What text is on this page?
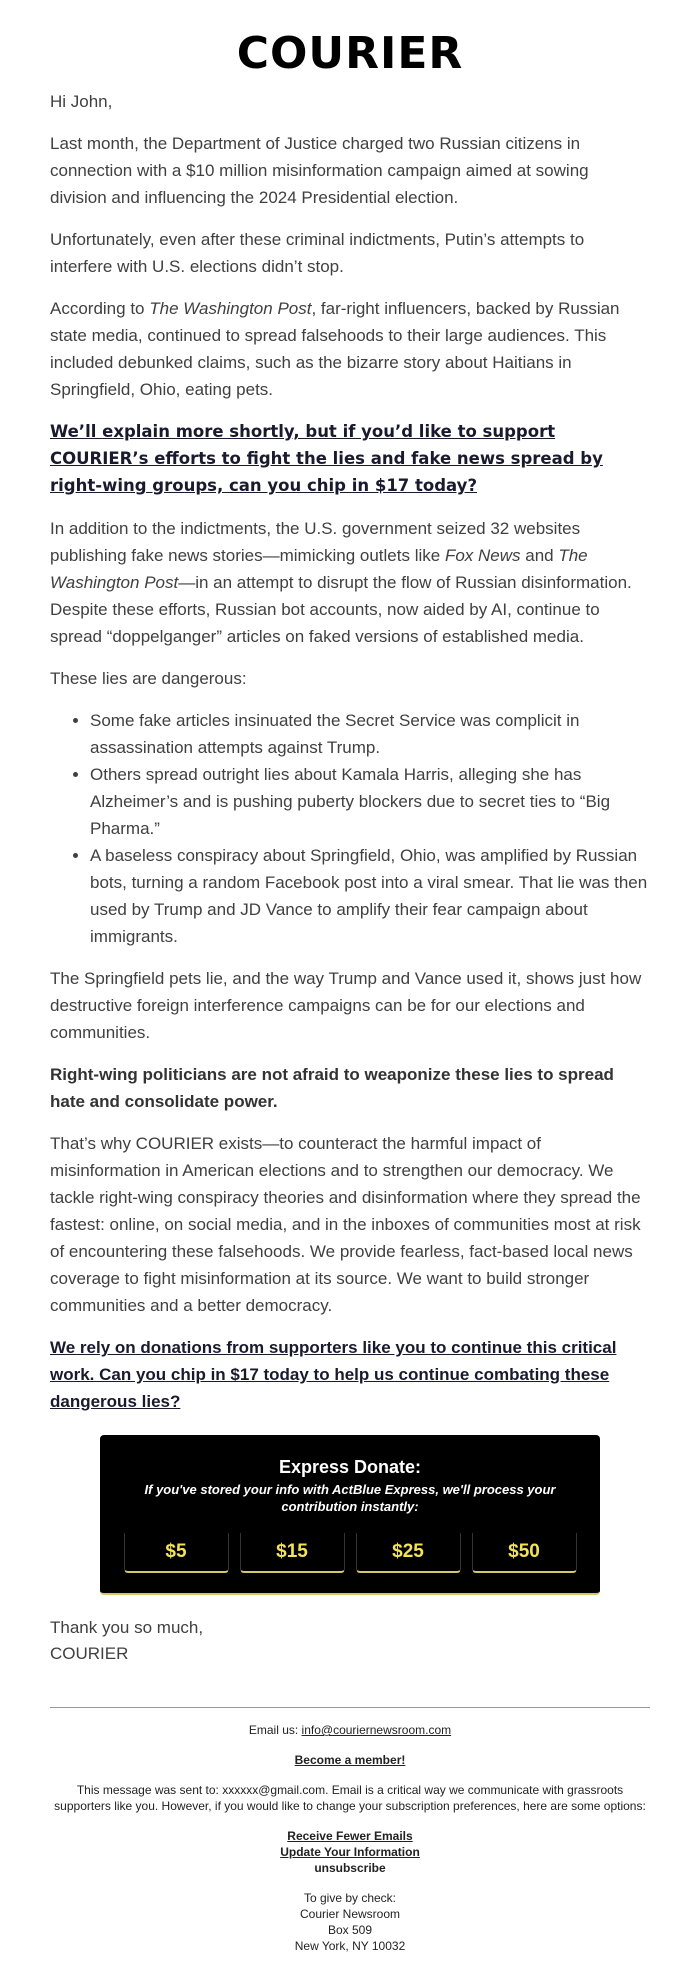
COURIER

Hi John,

Last month, the Department of Justice charged two Russian citizens in connection with a $10 million misinformation campaign aimed at sowing division and influencing the 2024 Presidential election.

Unfortunately, even after these criminal indictments, Putin’s attempts to interfere with U.S. elections didn’t stop.

According to The Washington Post, far-right influencers, backed by Russian state media, continued to spread falsehoods to their large audiences. This included debunked claims, such as the bizarre story about Haitians in Springfield, Ohio, eating pets.

We’ll explain more shortly, but if you’d like to support COURIER’s efforts to fight the lies and fake news spread by right-wing groups, can you chip in $17 today?

In addition to the indictments, the U.S. government seized 32 websites publishing fake news stories—mimicking outlets like Fox News and The Washington Post—in an attempt to disrupt the flow of Russian disinformation. Despite these efforts, Russian bot accounts, now aided by AI, continue to spread “doppelganger” articles on faked versions of established media.

These lies are dangerous:

• Some fake articles insinuated the Secret Service was complicit in assassination attempts against Trump.
• Others spread outright lies about Kamala Harris, alleging she has Alzheimer’s and is pushing puberty blockers due to secret ties to “Big Pharma.”
• A baseless conspiracy about Springfield, Ohio, was amplified by Russian bots, turning a random Facebook post into a viral smear. That lie was then used by Trump and JD Vance to amplify their fear campaign about immigrants.

The Springfield pets lie, and the way Trump and Vance used it, shows just how destructive foreign interference campaigns can be for our elections and communities.

Right-wing politicians are not afraid to weaponize these lies to spread hate and consolidate power.

That’s why COURIER exists—to counteract the harmful impact of misinformation in American elections and to strengthen our democracy. We tackle right-wing conspiracy theories and disinformation where they spread the fastest: online, on social media, and in the inboxes of communities most at risk of encountering these falsehoods. We provide fearless, fact-based local news coverage to fight misinformation at its source. We want to build stronger communities and a better democracy.

We rely on donations from supporters like you to continue this critical work. Can you chip in $17 today to help us continue combating these dangerous lies?
Express Donate:
If you've stored your info with ActBlue Express, we'll process your contribution instantly:
$5	$15	$25	$50
Thank you so much,
COURIER

Email us: info@couriernewsroom.com

Become a member!

This message was sent to: xxxxxx@gmail.com. Email is a critical way we communicate with grassroots supporters like you. However, if you would like to change your subscription preferences, here are some options:

Receive Fewer Emails
Update Your Information
unsubscribe

To give by check:
Courier Newsroom
Box 509
New York, NY 10032
